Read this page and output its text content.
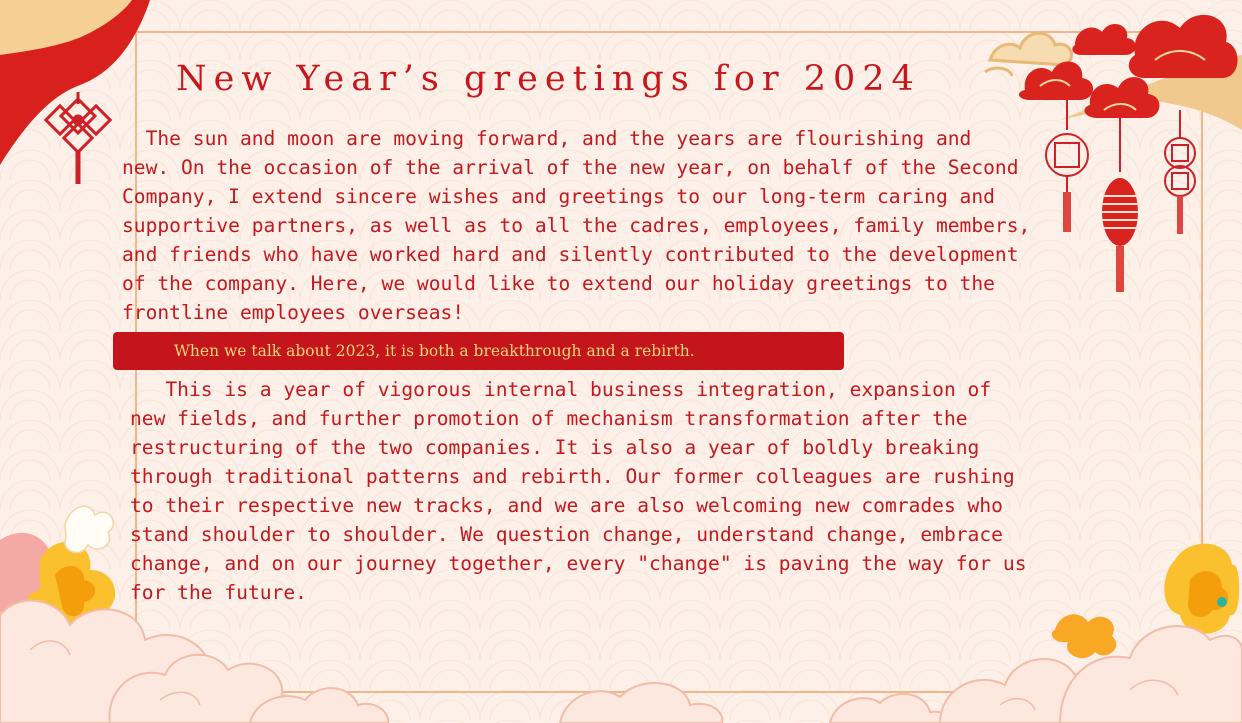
New Year’s greetings for 2024

The sun and moon are moving forward, and the years are flourishing and
new. On the occasion of the arrival of the new year, on behalf of the Second
Company, I extend sincere wishes and greetings to our long-term caring and
supportive partners, as well as to all the cadres, employees, family members,
and friends who have worked hard and silently contributed to the development
of the company. Here, we would like to extend our holiday greetings to the
frontline employees overseas!

When we talk about 2023, it is both a breakthrough and a rebirth.

This is a year of vigorous internal business integration, expansion of
new fields, and further promotion of mechanism transformation after the
restructuring of the two companies. It is also a year of boldly breaking
through traditional patterns and rebirth. Our former colleagues are rushing
to their respective new tracks, and we are also welcoming new comrades who
stand shoulder to shoulder. We question change, understand change, embrace
change, and on our journey together, every "change" is paving the way for us
for the future.
